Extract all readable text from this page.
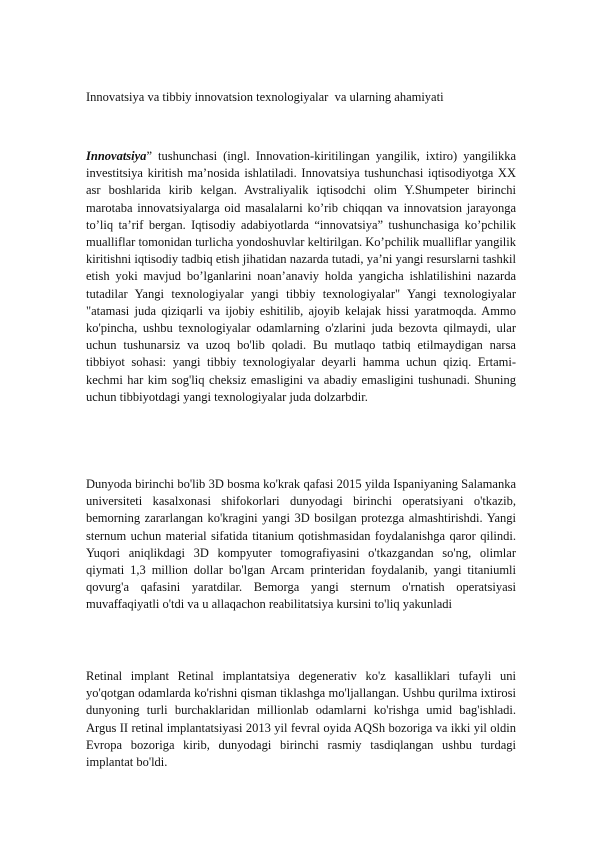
Innovatsiya va tibbiy innovatsion texnologiyalar  va ularning ahamiyati

Innovatsiya” tushunchasi (ingl. Innovation-kiritilingan yangilik, ixtiro) yangilikka investitsiya kiritish ma’nosida ishlatiladi. Innovatsiya tushunchasi iqtisodiyotga XX asr boshlarida kirib kelgan. Avstraliyalik iqtisodchi olim Y.Shumpeter birinchi marotaba innovatsiyalarga oid masalalarni ko’rib chiqqan va innovatsion jarayonga to’liq ta’rif bergan. Iqtisodiy adabiyotlarda “innovatsiya” tushunchasiga ko’pchilik mualliflar tomonidan turlicha yondoshuvlar keltirilgan. Ko’pchilik mualliflar yangilik kiritishni iqtisodiy tadbiq etish jihatidan nazarda tutadi, ya’ni yangi resurslarni tashkil etish yoki mavjud bo’lganlarini noan’anaviy holda yangicha ishlatilishini nazarda tutadilar Yangi texnologiyalar yangi tibbiy texnologiyalar" Yangi texnologiyalar "atamasi juda qiziqarli va ijobiy eshitilib, ajoyib kelajak hissi yaratmoqda. Ammo ko'pincha, ushbu texnologiyalar odamlarning o'zlarini juda bezovta qilmaydi, ular uchun tushunarsiz va uzoq bo'lib qoladi. Bu mutlaqo tatbiq etilmaydigan narsa tibbiyot sohasi: yangi tibbiy texnologiyalar deyarli hamma uchun qiziq. Ertami-kechmi har kim sog'liq cheksiz emasligini va abadiy emasligini tushunadi. Shuning uchun tibbiyotdagi yangi texnologiyalar juda dolzarbdir.

Dunyoda birinchi bo'lib 3D bosma ko'krak qafasi 2015 yilda Ispaniyaning Salamanka universiteti kasalxonasi shifokorlari dunyodagi birinchi operatsiyani o'tkazib, bemorning zararlangan ko'kragini yangi 3D bosilgan protezga almashtirishdi. Yangi sternum uchun material sifatida titanium qotishmasidan foydalanishga qaror qilindi. Yuqori aniqlikdagi 3D kompyuter tomografiyasini o'tkazgandan so'ng, olimlar qiymati 1,3 million dollar bo'lgan Arcam printeridan foydalanib, yangi titaniumli qovurg'a qafasini yaratdilar. Bemorga yangi sternum o'rnatish operatsiyasi muvaffaqiyatli o'tdi va u allaqachon reabilitatsiya kursini to'liq yakunladi

Retinal implant Retinal implantatsiya degenerativ ko'z kasalliklari tufayli uni yo'qotgan odamlarda ko'rishni qisman tiklashga mo'ljallangan. Ushbu qurilma ixtirosi dunyoning turli burchaklaridan millionlab odamlarni ko'rishga umid bag'ishladi. Argus II retinal implantatsiyasi 2013 yil fevral oyida AQSh bozoriga va ikki yil oldin Evropa bozoriga kirib, dunyodagi birinchi rasmiy tasdiqlangan ushbu turdagi implantat bo'ldi.
